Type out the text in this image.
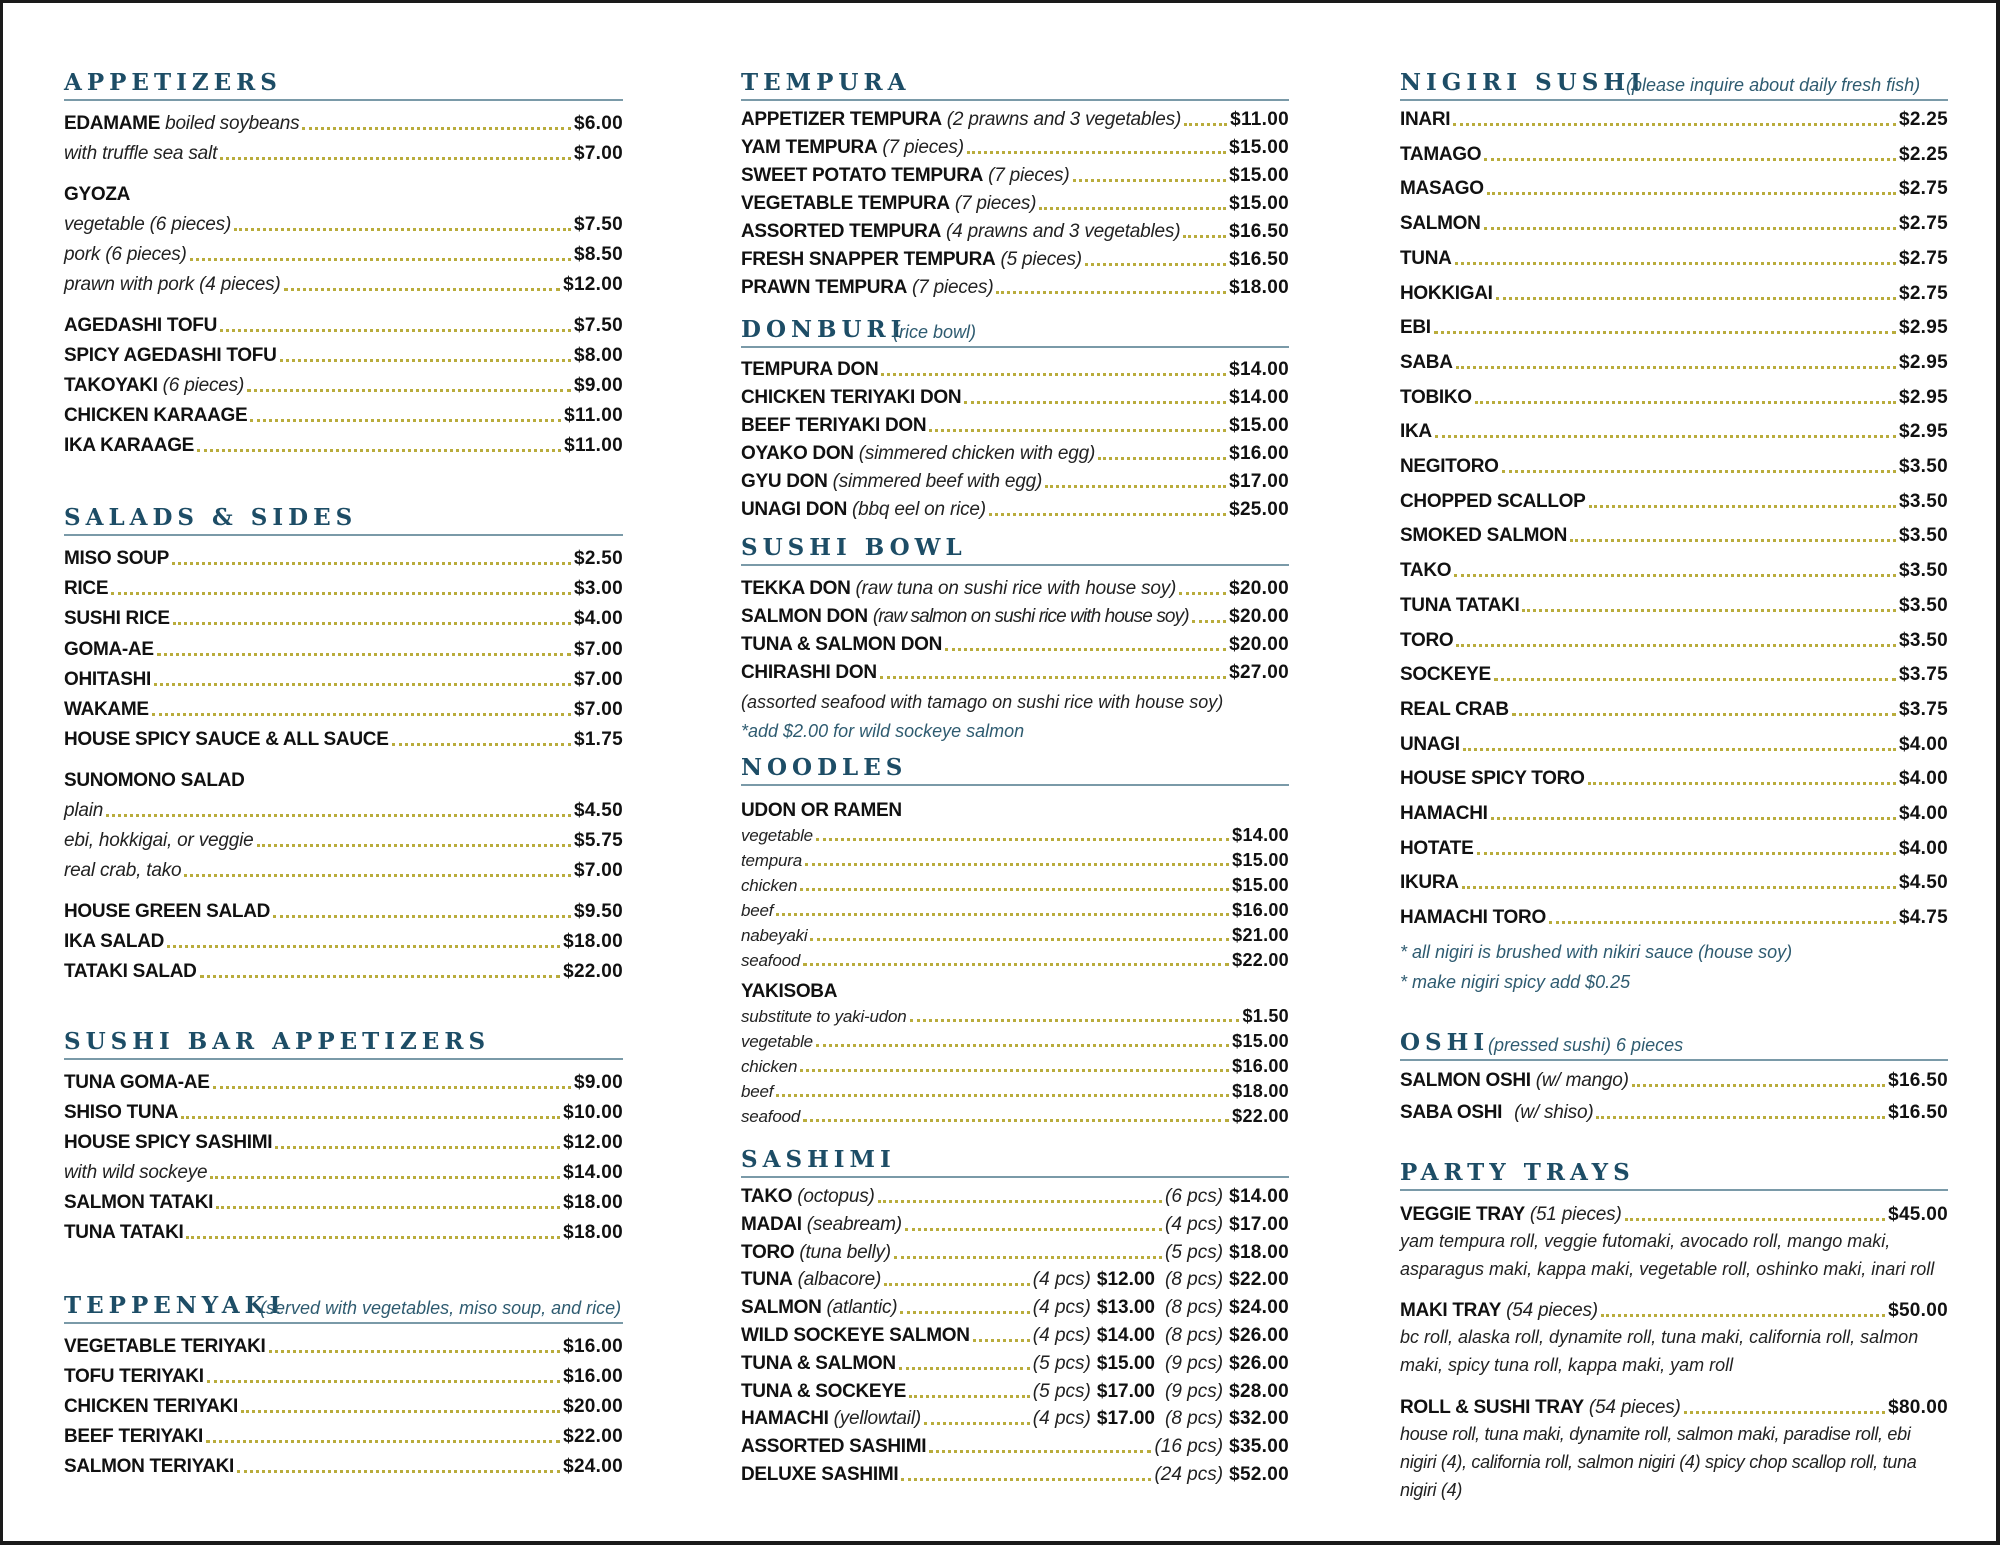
APPETIZERS
EDAMAME boiled soybeans	$6.00
with truffle sea salt	$7.00
GYOZA
vegetable (6 pieces)	$7.50
pork (6 pieces)	$8.50
prawn with pork (4 pieces)	$12.00
AGEDASHI TOFU	$7.50
SPICY AGEDASHI TOFU	$8.00
TAKOYAKI (6 pieces)	$9.00
CHICKEN KARAAGE	$11.00
IKA KARAAGE	$11.00
SALADS & SIDES
MISO SOUP	$2.50
RICE	$3.00
SUSHI RICE	$4.00
GOMA-AE	$7.00
OHITASHI	$7.00
WAKAME	$7.00
HOUSE SPICY SAUCE & ALL SAUCE	$1.75
SUNOMONO SALAD
plain	$4.50
ebi, hokkigai, or veggie	$5.75
real crab, tako	$7.00
HOUSE GREEN SALAD	$9.50
IKA SALAD	$18.00
TATAKI SALAD	$22.00
SUSHI BAR APPETIZERS
TUNA GOMA-AE	$9.00
SHISO TUNA	$10.00
HOUSE SPICY SASHIMI	$12.00
with wild sockeye	$14.00
SALMON TATAKI	$18.00
TUNA TATAKI	$18.00
TEPPENYAKI
(served with vegetables, miso soup, and rice)
VEGETABLE TERIYAKI	$16.00
TOFU TERIYAKI	$16.00
CHICKEN TERIYAKI	$20.00
BEEF TERIYAKI	$22.00
SALMON TERIYAKI	$24.00
TEMPURA
APPETIZER TEMPURA (2 prawns and 3 vegetables)	$11.00
YAM TEMPURA (7 pieces)	$15.00
SWEET POTATO TEMPURA (7 pieces)	$15.00
VEGETABLE TEMPURA (7 pieces)	$15.00
ASSORTED TEMPURA (4 prawns and 3 vegetables)	$16.50
FRESH SNAPPER TEMPURA (5 pieces)	$16.50
PRAWN TEMPURA (7 pieces)	$18.00
DONBURI
(rice bowl)
TEMPURA DON	$14.00
CHICKEN TERIYAKI DON	$14.00
BEEF TERIYAKI DON	$15.00
OYAKO DON (simmered chicken with egg)	$16.00
GYU DON (simmered beef with egg)	$17.00
UNAGI DON (bbq eel on rice)	$25.00
SUSHI BOWL
TEKKA DON (raw tuna on sushi rice with house soy)	$20.00
SALMON DON (raw salmon on sushi rice with house soy) $20.00
TUNA & SALMON DON	$20.00
CHIRASHI DON	$27.00
(assorted seafood with tamago on sushi rice with house soy)
*add $2.00 for wild sockeye salmon
NOODLES
UDON OR RAMEN
vegetable	$14.00
tempura	$15.00
chicken	$15.00
beef	$16.00
nabeyaki	$21.00
seafood	$22.00
YAKISOBA
substitute to yaki-udon	$1.50
vegetable	$15.00
chicken	$16.00
beef	$18.00
seafood	$22.00
SASHIMI
TAKO (octopus)	(6 pcs) $14.00
MADAI (seabream)	(4 pcs) $17.00
TORO (tuna belly)	(5 pcs) $18.00
TUNA (albacore)	(4 pcs) $12.00 (8 pcs) $22.00
SALMON (atlantic)	(4 pcs) $13.00 (8 pcs) $24.00
WILD SOCKEYE SALMON	(4 pcs) $14.00 (8 pcs) $26.00
TUNA & SALMON	(5 pcs) $15.00 (9 pcs) $26.00
TUNA & SOCKEYE	(5 pcs) $17.00 (9 pcs) $28.00
HAMACHI (yellowtail)	(4 pcs) $17.00 (8 pcs) $32.00
ASSORTED SASHIMI	(16 pcs) $35.00
DELUXE SASHIMI	(24 pcs) $52.00
NIGIRI SUSHI
(please inquire about daily fresh fish)
INARI	$2.25
TAMAGO	$2.25
MASAGO	$2.75
SALMON	$2.75
TUNA	$2.75
HOKKIGAI	$2.75
EBI	$2.95
SABA	$2.95
TOBIKO	$2.95
IKA	$2.95
NEGITORO	$3.50
CHOPPED SCALLOP	$3.50
SMOKED SALMON	$3.50
TAKO	$3.50
TUNA TATAKI	$3.50
TORO	$3.50
SOCKEYE	$3.75
REAL CRAB	$3.75
UNAGI	$4.00
HOUSE SPICY TORO	$4.00
HAMACHI	$4.00
HOTATE	$4.00
IKURA	$4.50
HAMACHI TORO	$4.75
* all nigiri is brushed with nikiri sauce (house soy)
* make nigiri spicy add $0.25
OSHI
(pressed sushi) 6 pieces
SALMON OSHI (w/ mango)	$16.50
SABA OSHI (w/ shiso)	$16.50
PARTY TRAYS
VEGGIE TRAY (51 pieces)	$45.00
yam tempura roll, veggie futomaki, avocado roll, mango maki, asparagus maki, kappa maki, vegetable roll, oshinko maki, inari roll
MAKI TRAY (54 pieces)	$50.00
bc roll, alaska roll, dynamite roll, tuna maki, california roll, salmon maki, spicy tuna roll, kappa maki, yam roll
ROLL & SUSHI TRAY (54 pieces)	$80.00
house roll, tuna maki, dynamite roll, salmon maki, paradise roll, ebi nigiri (4), california roll, salmon nigiri (4) spicy chop scallop roll, tuna nigiri (4)
